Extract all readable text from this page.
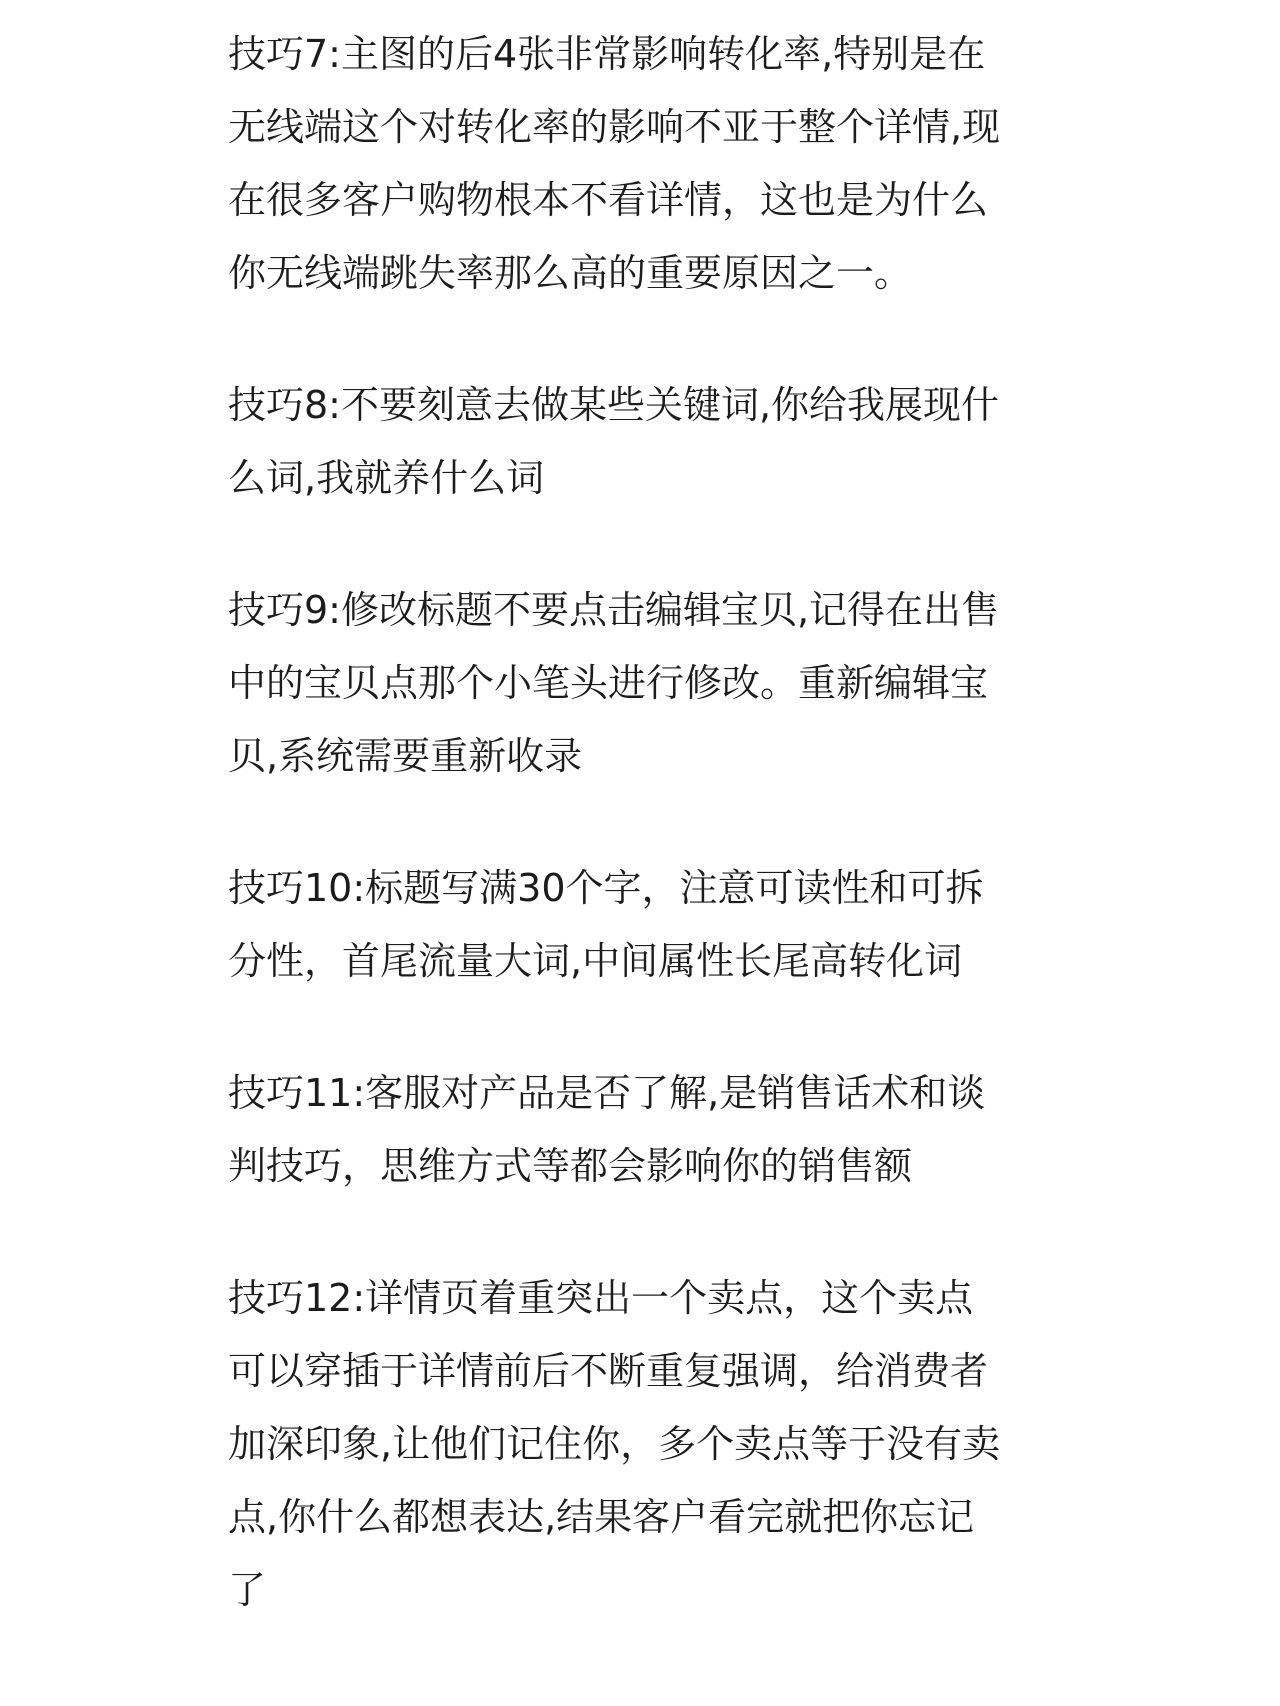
技巧7:主图的后4张非常影响转化率,特别是在
无线端这个对转化率的影响不亚于整个详情,现
在很多客户购物根本不看详情，这也是为什么
你无线端跳失率那么高的重要原因之一。
技巧8:不要刻意去做某些关键词,你给我展现什
么词,我就养什么词
技巧9:修改标题不要点击编辑宝贝,记得在出售
中的宝贝点那个小笔头进行修改。重新编辑宝
贝,系统需要重新收录
技巧10:标题写满30个字，注意可读性和可拆
分性，首尾流量大词,中间属性长尾高转化词
技巧11:客服对产品是否了解,是销售话术和谈
判技巧，思维方式等都会影响你的销售额
技巧12:详情页着重突出一个卖点，这个卖点
可以穿插于详情前后不断重复强调，给消费者
加深印象,让他们记住你，多个卖点等于没有卖
点,你什么都想表达,结果客户看完就把你忘记
了
